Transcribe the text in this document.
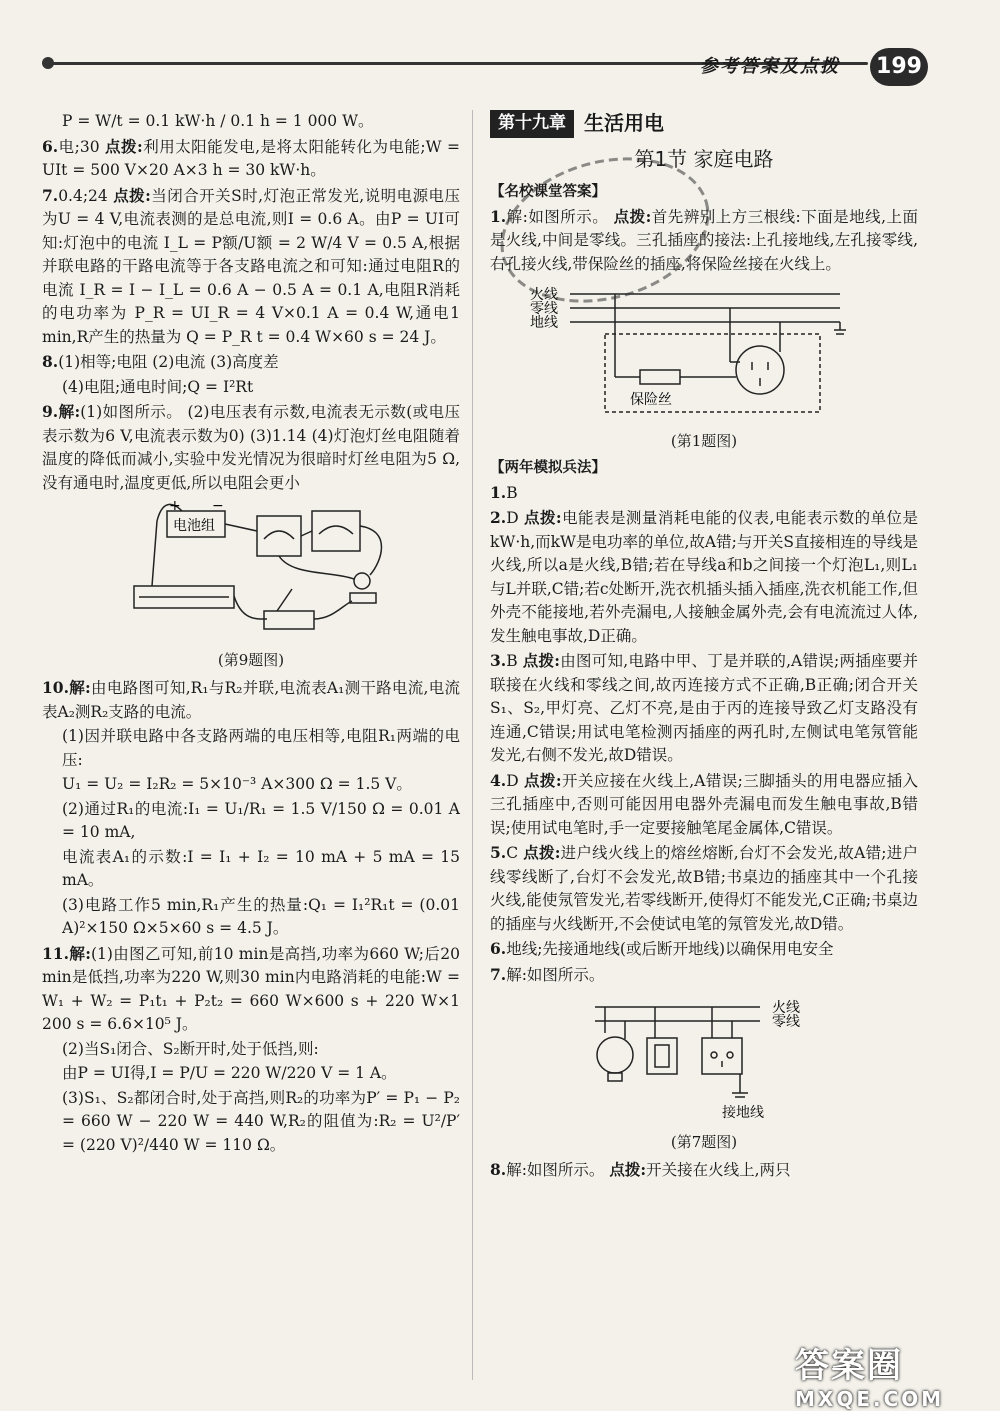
参考答案及点拨 199
P = W/t = 0.1 kW·h / 0.1 h = 1 000 W。
6.电;30 点拨:利用太阳能发电,是将太阳能转化为电能;W = UIt = 500 V×20 A×3 h = 30 kW·h。
7.0.4;24 点拨:当闭合开关S时,灯泡正常发光,说明电源电压为U = 4 V,电流表测的是总电流,则I = 0.6 A。由P = UI可知:灯泡中的电流 I_L = P额/U额 = 2 W/4 V = 0.5 A,根据并联电路的干路电流等于各支路电流之和可知:通过电阻R的电流 I_R = I − I_L = 0.6 A − 0.5 A = 0.1 A,电阻R消耗的电功率为 P_R = UI_R = 4 V×0.1 A = 0.4 W,通电1 min,R产生的热量为 Q = P_R t = 0.4 W×60 s = 24 J。
8.(1)相等;电阻 (2)电流 (3)高度差
(4)电阻;通电时间;Q = I²Rt
9.解:(1)如图所示。 (2)电压表有示数,电流表无示数(或电压表示数为6 V,电流表示数为0) (3)1.14 (4)灯泡灯丝电阻随着温度的降低而减小,实验中发光情况为很暗时灯丝电阻为5 Ω,没有通电时,温度更低,所以电阻会更小
+ −
电池组
(第9题图)
10.解:由电路图可知,R₁与R₂并联,电流表A₁测干路电流,电流表A₂测R₂支路的电流。
(1)因并联电路中各支路两端的电压相等,电阻R₁两端的电压:
U₁ = U₂ = I₂R₂ = 5×10⁻³ A×300 Ω = 1.5 V。
(2)通过R₁的电流:I₁ = U₁/R₁ = 1.5 V/150 Ω = 0.01 A = 10 mA,
电流表A₁的示数:I = I₁ + I₂ = 10 mA + 5 mA = 15 mA。
(3)电路工作5 min,R₁产生的热量:Q₁ = I₁²R₁t = (0.01 A)²×150 Ω×5×60 s = 4.5 J。
11.解:(1)由图乙可知,前10 min是高挡,功率为660 W;后20 min是低挡,功率为220 W,则30 min内电路消耗的电能:W = W₁ + W₂ = P₁t₁ + P₂t₂ = 660 W×600 s + 220 W×1 200 s = 6.6×10⁵ J。
(2)当S₁闭合、S₂断开时,处于低挡,则:
由P = UI得,I = P/U = 220 W/220 V = 1 A。
(3)S₁、S₂都闭合时,处于高挡,则R₂的功率为P′ = P₁ − P₂ = 660 W − 220 W = 440 W,R₂的阻值为:R₂ = U²/P′ = (220 V)²/440 W = 110 Ω。
第十九章 生活用电
第1节 家庭电路
【名校课堂答案】
1.解:如图所示。 点拨:首先辨别上方三根线:下面是地线,上面是火线,中间是零线。三孔插座的接法:上孔接地线,左孔接零线,右孔接火线,带保险丝的插座,将保险丝接在火线上。
火线
零线
地线
保险丝
(第1题图)
【两年模拟兵法】
1.B
2.D 点拨:电能表是测量消耗电能的仪表,电能表示数的单位是kW·h,而kW是电功率的单位,故A错;与开关S直接相连的导线是火线,所以a是火线,B错;若在导线a和b之间接一个灯泡L₁,则L₁与L并联,C错;若c处断开,洗衣机插头插入插座,洗衣机能工作,但外壳不能接地,若外壳漏电,人接触金属外壳,会有电流流过人体,发生触电事故,D正确。
3.B 点拨:由图可知,电路中甲、丁是并联的,A错误;两插座要并联接在火线和零线之间,故丙连接方式不正确,B正确;闭合开关S₁、S₂,甲灯亮、乙灯不亮,是由于丙的连接导致乙灯支路没有连通,C错误;用试电笔检测丙插座的两孔时,左侧试电笔氖管能发光,右侧不发光,故D错误。
4.D 点拨:开关应接在火线上,A错误;三脚插头的用电器应插入三孔插座中,否则可能因用电器外壳漏电而发生触电事故,B错误;使用试电笔时,手一定要接触笔尾金属体,C错误。
5.C 点拨:进户线火线上的熔丝熔断,台灯不会发光,故A错;进户线零线断了,台灯不会发光,故B错;书桌边的插座其中一个孔接火线,能使氖管发光,若零线断开,使得灯不能发光,C正确;书桌边的插座与火线断开,不会使试电笔的氖管发光,故D错。
6.地线;先接通地线(或后断开地线)以确保用电安全
7.解:如图所示。
火线
零线
接地线
(第7题图)
8.解:如图所示。 点拨:开关接在火线上,两只
答案圈
MXQE.COM
